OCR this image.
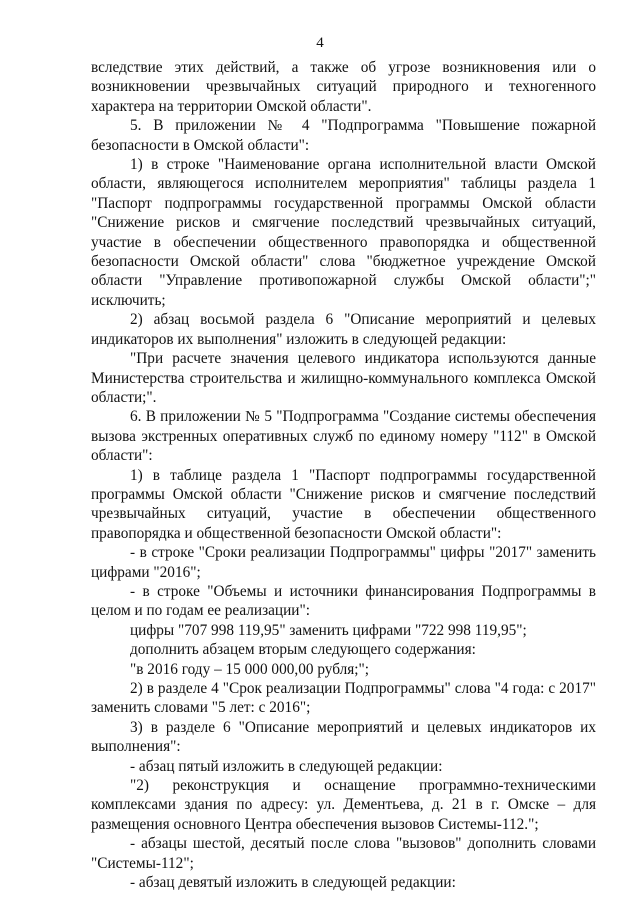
4

вследствие этих действий, а также об угрозе возникновения или о возникновении чрезвычайных ситуаций природного и техногенного характера на территории Омской области".

5. В приложении № 4 "Подпрограмма "Повышение пожарной безопасности в Омской области":

1) в строке "Наименование органа исполнительной власти Омской области, являющегося исполнителем мероприятия" таблицы раздела 1 "Паспорт подпрограммы государственной программы Омской области "Снижение рисков и смягчение последствий чрезвычайных ситуаций, участие в обеспечении общественного правопорядка и общественной безопасности Омской области" слова "бюджетное учреждение Омской области "Управление противопожарной службы Омской области";" исключить;

2) абзац восьмой раздела 6 "Описание мероприятий и целевых индикаторов их выполнения" изложить в следующей редакции:

"При расчете значения целевого индикатора используются данные Министерства строительства и жилищно-коммунального комплекса Омской области;".

6. В приложении № 5 "Подпрограмма "Создание системы обеспечения вызова экстренных оперативных служб по единому номеру "112" в Омской области":

1) в таблице раздела 1 "Паспорт подпрограммы государственной программы Омской области "Снижение рисков и смягчение последствий чрезвычайных ситуаций, участие в обеспечении общественного правопорядка и общественной безопасности Омской области":

- в строке "Сроки реализации Подпрограммы" цифры "2017" заменить цифрами "2016";

- в строке "Объемы и источники финансирования Подпрограммы в целом и по годам ее реализации":

цифры "707 998 119,95" заменить цифрами "722 998 119,95";

дополнить абзацем вторым следующего содержания:

"в 2016 году – 15 000 000,00 рубля;";

2) в разделе 4 "Срок реализации Подпрограммы" слова "4 года: с 2017" заменить словами "5 лет: с 2016";

3) в разделе 6 "Описание мероприятий и целевых индикаторов их выполнения":

- абзац пятый изложить в следующей редакции:

"2) реконструкция и оснащение программно-техническими комплексами здания по адресу: ул. Дементьева, д. 21 в г. Омске – для размещения основного Центра обеспечения вызовов Системы-112.";

- абзацы шестой, десятый после слова "вызовов" дополнить словами "Системы-112";

- абзац девятый изложить в следующей редакции:
